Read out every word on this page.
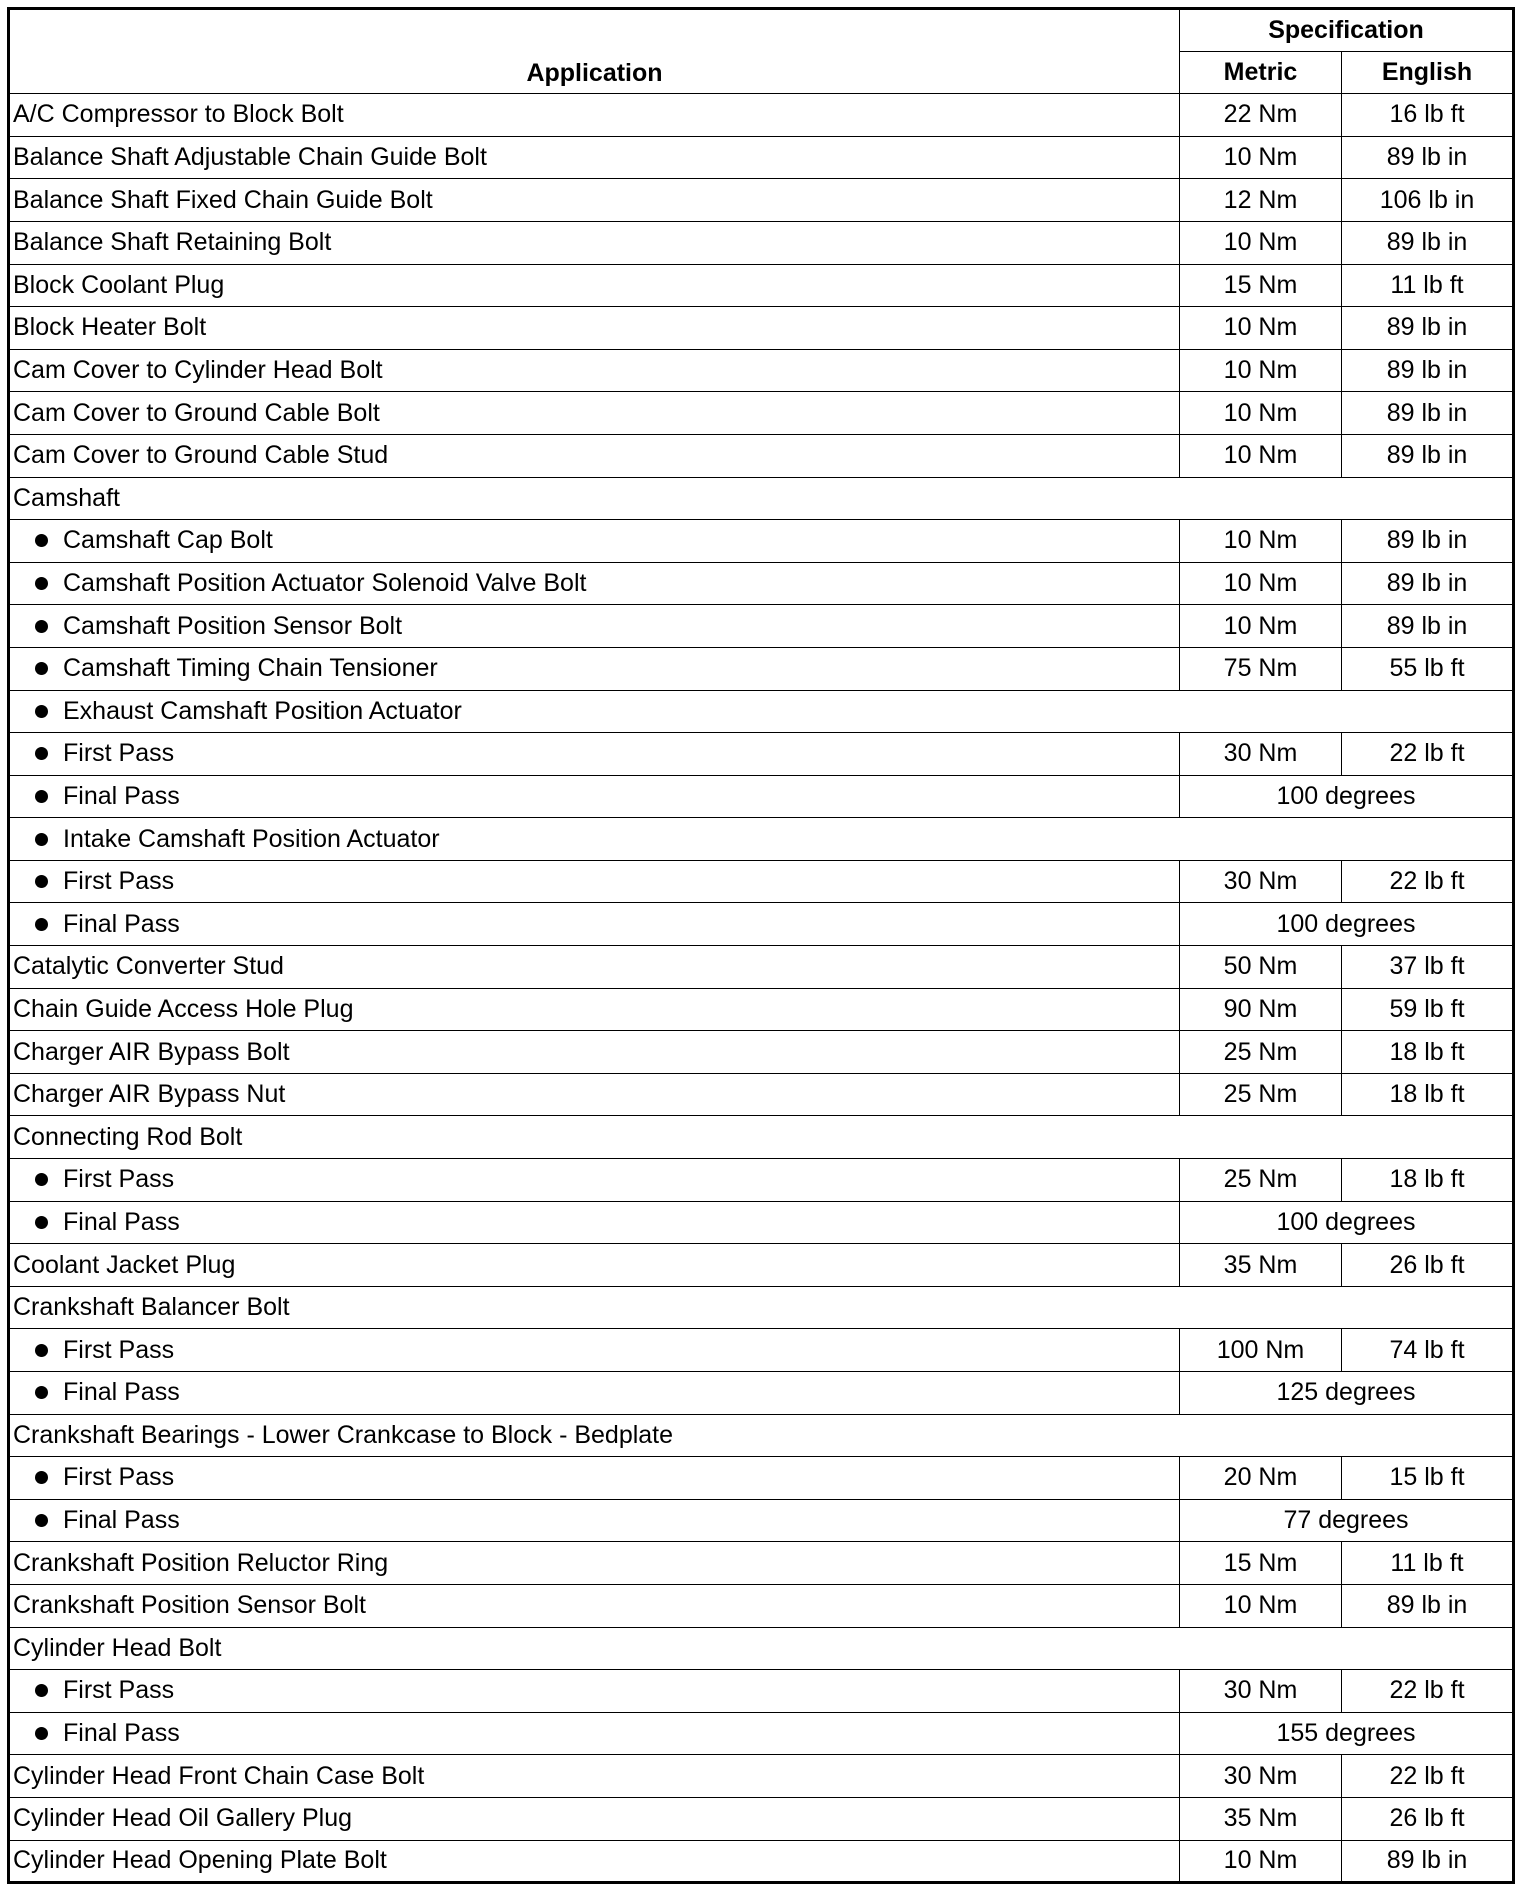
Application	Specification	
	Metric	English
A/C Compressor to Block Bolt	22 Nm	16 lb ft
Balance Shaft Adjustable Chain Guide Bolt	10 Nm	89 lb in
Balance Shaft Fixed Chain Guide Bolt	12 Nm	106 lb in
Balance Shaft Retaining Bolt	10 Nm	89 lb in
Block Coolant Plug	15 Nm	11 lb ft
Block Heater Bolt	10 Nm	89 lb in
Cam Cover to Cylinder Head Bolt	10 Nm	89 lb in
Cam Cover to Ground Cable Bolt	10 Nm	89 lb in
Cam Cover to Ground Cable Stud	10 Nm	89 lb in
Camshaft		

Camshaft Cap Bolt	10 Nm	89 lb in

Camshaft Position Actuator Solenoid Valve Bolt	10 Nm	89 lb in

Camshaft Position Sensor Bolt	10 Nm	89 lb in

Camshaft Timing Chain Tensioner	75 Nm	55 lb ft

Exhaust Camshaft Position Actuator		

First Pass	30 Nm	22 lb ft

Final Pass	100 degrees	

Intake Camshaft Position Actuator		

First Pass	30 Nm	22 lb ft

Final Pass	100 degrees	
Catalytic Converter Stud	50 Nm	37 lb ft
Chain Guide Access Hole Plug	90 Nm	59 lb ft
Charger AIR Bypass Bolt	25 Nm	18 lb ft
Charger AIR Bypass Nut	25 Nm	18 lb ft
Connecting Rod Bolt		

First Pass	25 Nm	18 lb ft

Final Pass	100 degrees	
Coolant Jacket Plug	35 Nm	26 lb ft
Crankshaft Balancer Bolt		

First Pass	100 Nm	74 lb ft

Final Pass	125 degrees	
Crankshaft Bearings - Lower Crankcase to Block - Bedplate		

First Pass	20 Nm	15 lb ft

Final Pass	77 degrees	
Crankshaft Position Reluctor Ring	15 Nm	11 lb ft
Crankshaft Position Sensor Bolt	10 Nm	89 lb in
Cylinder Head Bolt		

First Pass	30 Nm	22 lb ft

Final Pass	155 degrees	
Cylinder Head Front Chain Case Bolt	30 Nm	22 lb ft
Cylinder Head Oil Gallery Plug	35 Nm	26 lb ft
Cylinder Head Opening Plate Bolt	10 Nm	89 lb in
